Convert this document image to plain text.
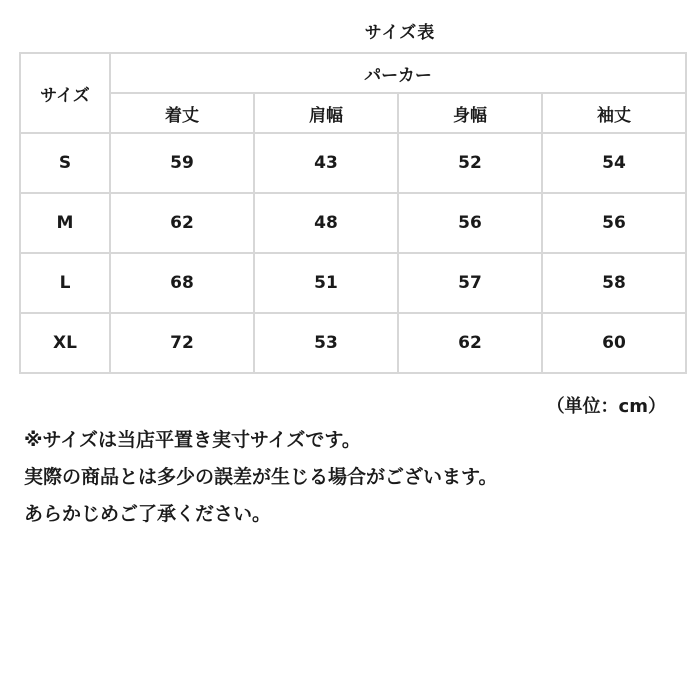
サイズ表
サイズ	パーカー			
	着丈	肩幅	身幅	袖丈
S	59	43	52	54
M	62	48	56	56
L	68	51	57	58
XL	72	53	62	60
（単位：cm）
※サイズは当店平置き実寸サイズです。
実際の商品とは多少の誤差が生じる場合がございます。
あらかじめご了承ください。
